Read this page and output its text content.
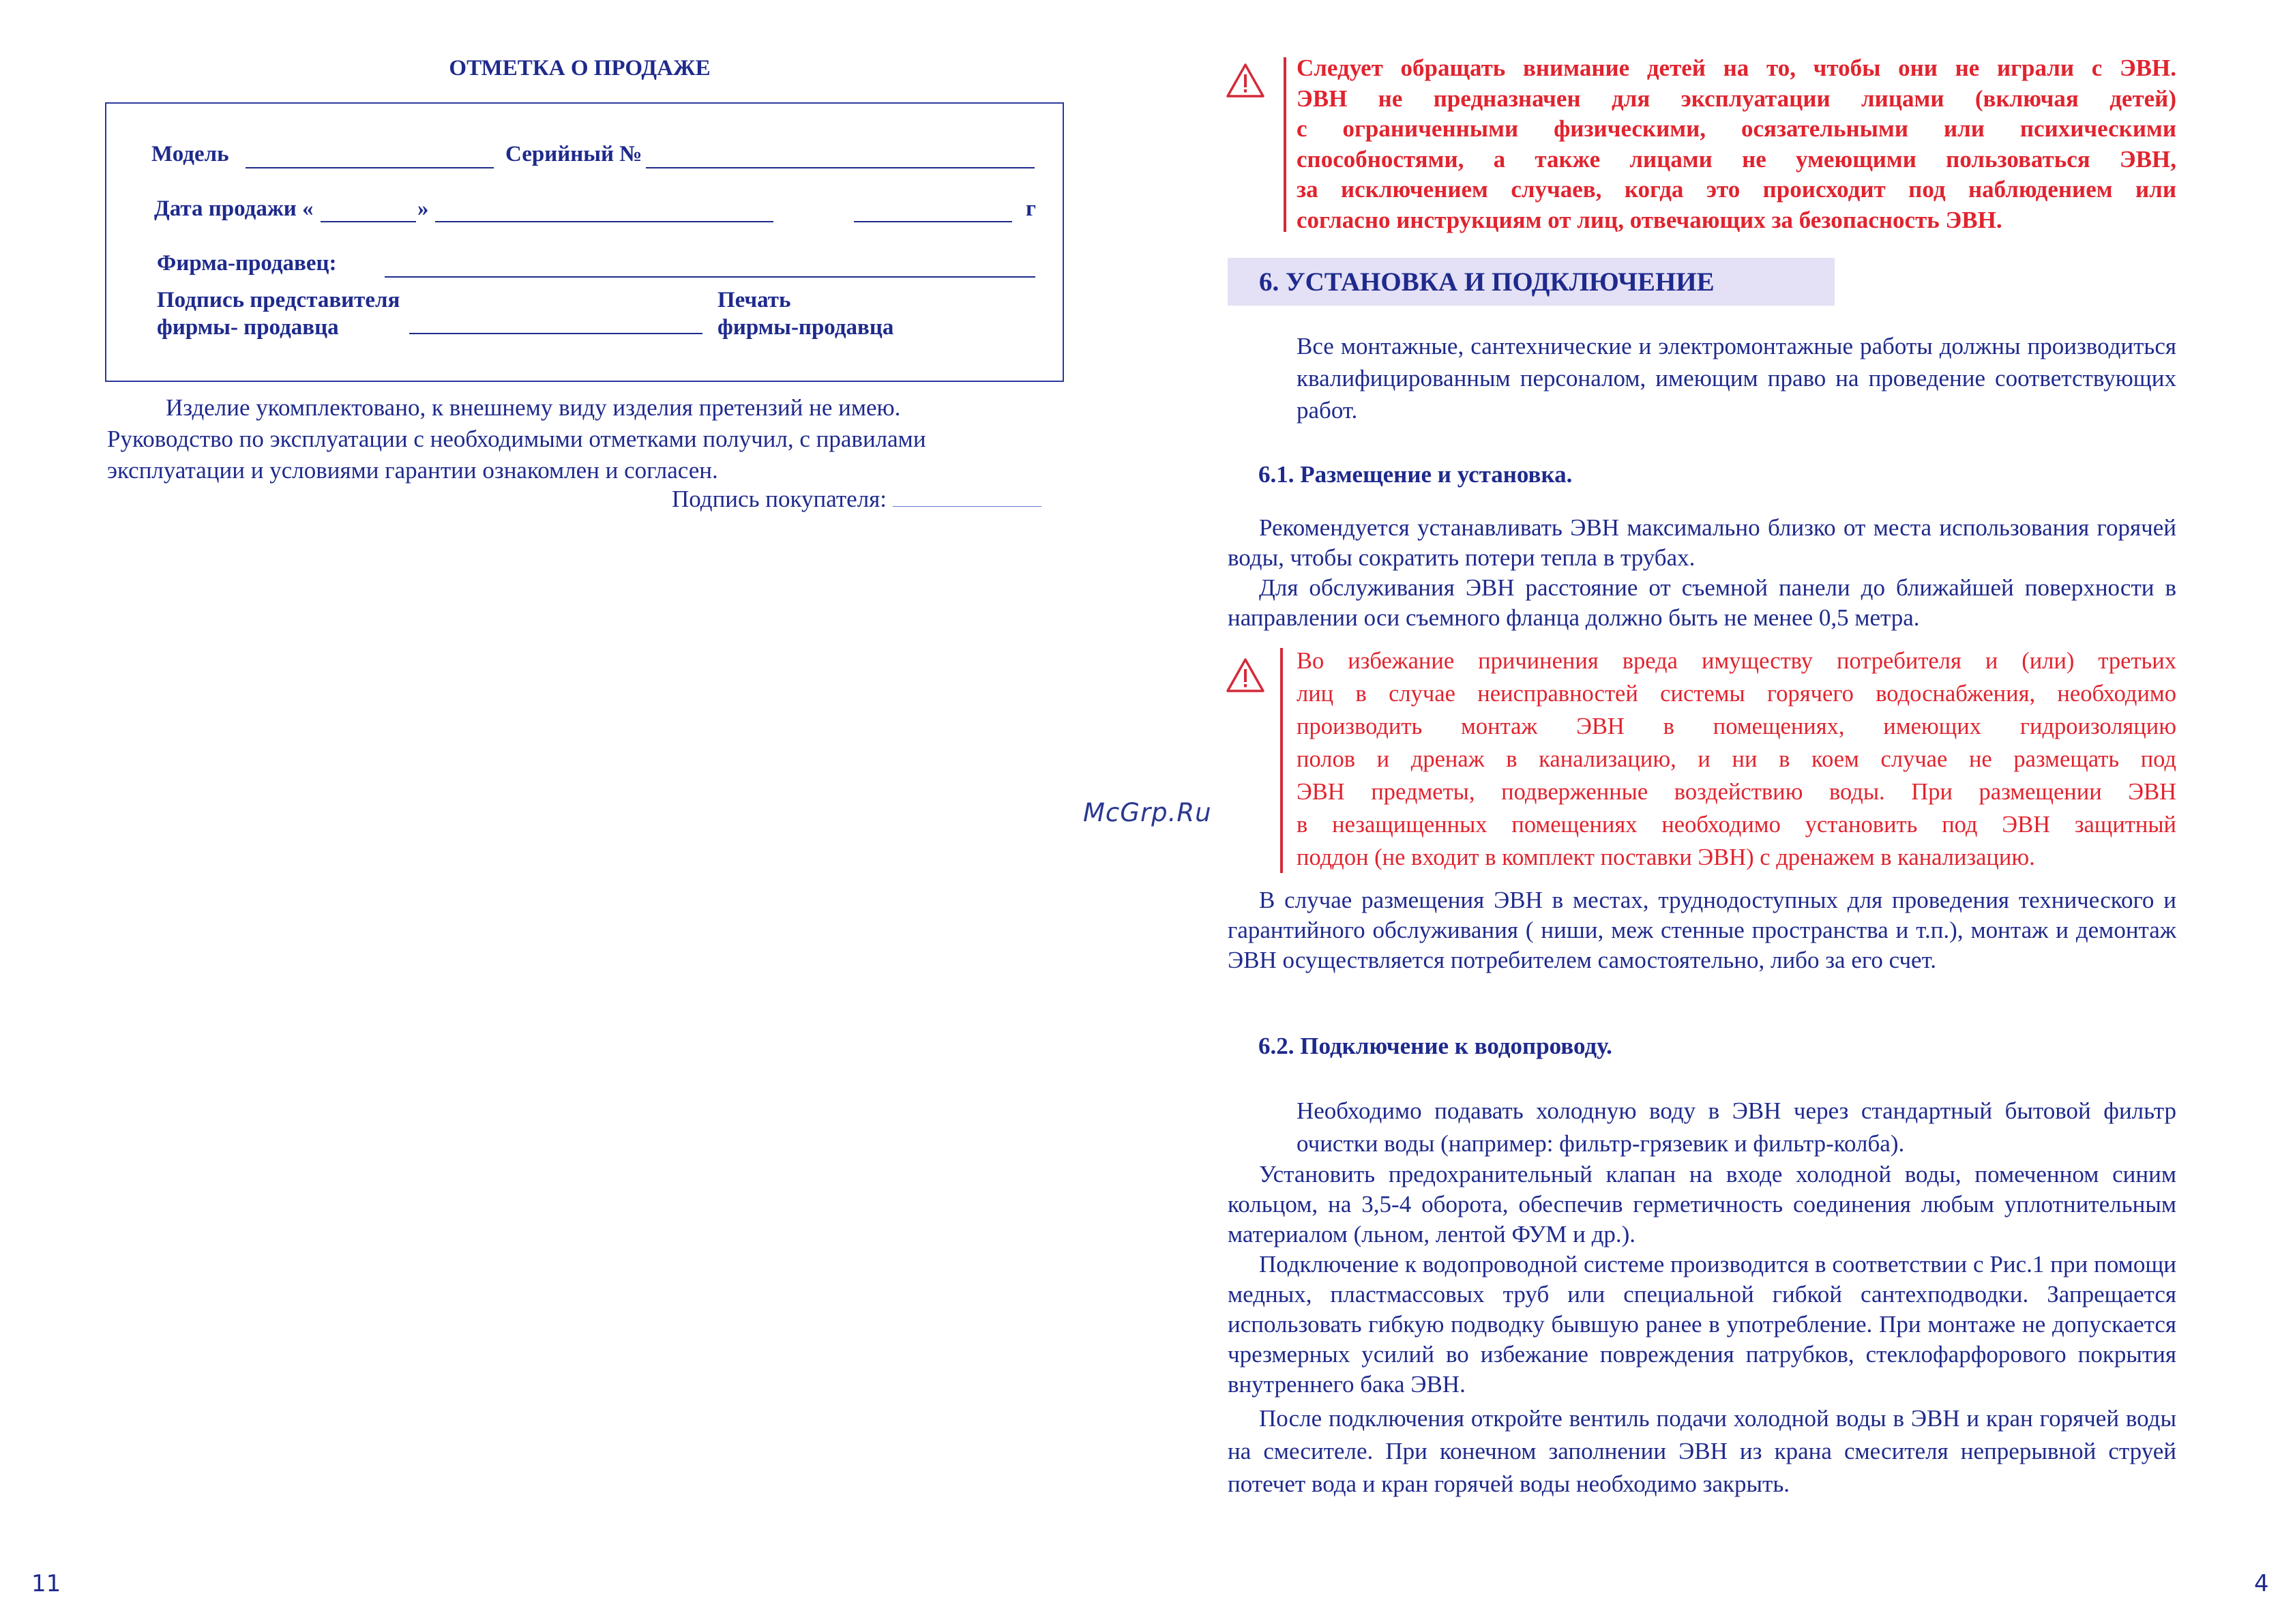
ОТМЕТКА О ПРОДАЖЕ
Модель	Серийный №
Дата продажи «	»	г
Фирма-продавец:
Подпись представителя
фирмы- продавца
Печать
фирмы-продавца

Изделие укомплектовано, к внешнему виду изделия претензий не имею.

Руководство по эксплуатации с необходимыми отметками получил, с правилами

эксплуатации и условиями гарантии ознакомлен и согласен.

Подпись покупателя:
11
McGrp.Ru
Следует обращать внимание детей на то, чтобы они не играли с ЭВН.
ЭВН не предназначен для эксплуатации лицами (включая детей)
с ограниченными физическими, осязательными или психическими
способностями, а также лицами не умеющими пользоваться ЭВН,
за исключением случаев, когда это происходит под наблюдением или
согласно инструкциям от лиц, отвечающих за безопасность ЭВН.
6. УСТАНОВКА И ПОДКЛЮЧЕНИЕ

Все монтажные, сантехнические и электромонтажные работы должны производиться квалифицированным персоналом, имеющим право на проведение соответствующих работ.

6.1. Размещение и установка.

Рекомендуется устанавливать ЭВН максимально близко от места использования горячей воды, чтобы сократить потери тепла в трубах.

Для обслуживания ЭВН расстояние от съемной панели до ближайшей поверхности в направлении оси съемного фланца должно быть не менее 0,5 метра.

Во избежание причинения вреда имуществу потребителя и (или) третьих
лиц в случае неисправностей системы горячего водоснабжения, необходимо
производить монтаж ЭВН в помещениях, имеющих гидроизоляцию
полов и дренаж в канализацию, и ни в коем случае не размещать под
ЭВН предметы, подверженные воздействию воды. При размещении ЭВН
в незащищенных помещениях необходимо установить под ЭВН защитный
поддон (не входит в комплект поставки ЭВН) с дренажем в канализацию.

В случае размещения ЭВН в местах, труднодоступных для проведения технического и гарантийного обслуживания ( ниши, меж стенные пространства и т.п.), монтаж и демонтаж ЭВН осуществляется потребителем самостоятельно, либо за его счет.

6.2. Подключение к водопроводу.

Необходимо подавать холодную воду в ЭВН через стандартный бытовой фильтр очистки воды (например: фильтр-грязевик и фильтр-колба).

Установить предохранительный клапан на входе холодной воды, помеченном синим кольцом, на 3,5-4 оборота, обеспечив герметичность соединения любым уплотнительным материалом (льном, лентой ФУМ и др.).

Подключение к водопроводной системе производится в соответствии с Рис.1 при помощи медных, пластмассовых труб или специальной гибкой сантехподводки. Запрещается использовать гибкую подводку бывшую ранее в употребление. При монтаже не допускается чрезмерных усилий во избежание повреждения патрубков, стеклофарфорового покрытия внутреннего бака ЭВН.

После подключения откройте вентиль подачи холодной воды в ЭВН и кран горячей воды на смесителе. При конечном заполнении ЭВН из крана смесителя непрерывной струей потечет вода и кран горячей воды необходимо закрыть.

4
